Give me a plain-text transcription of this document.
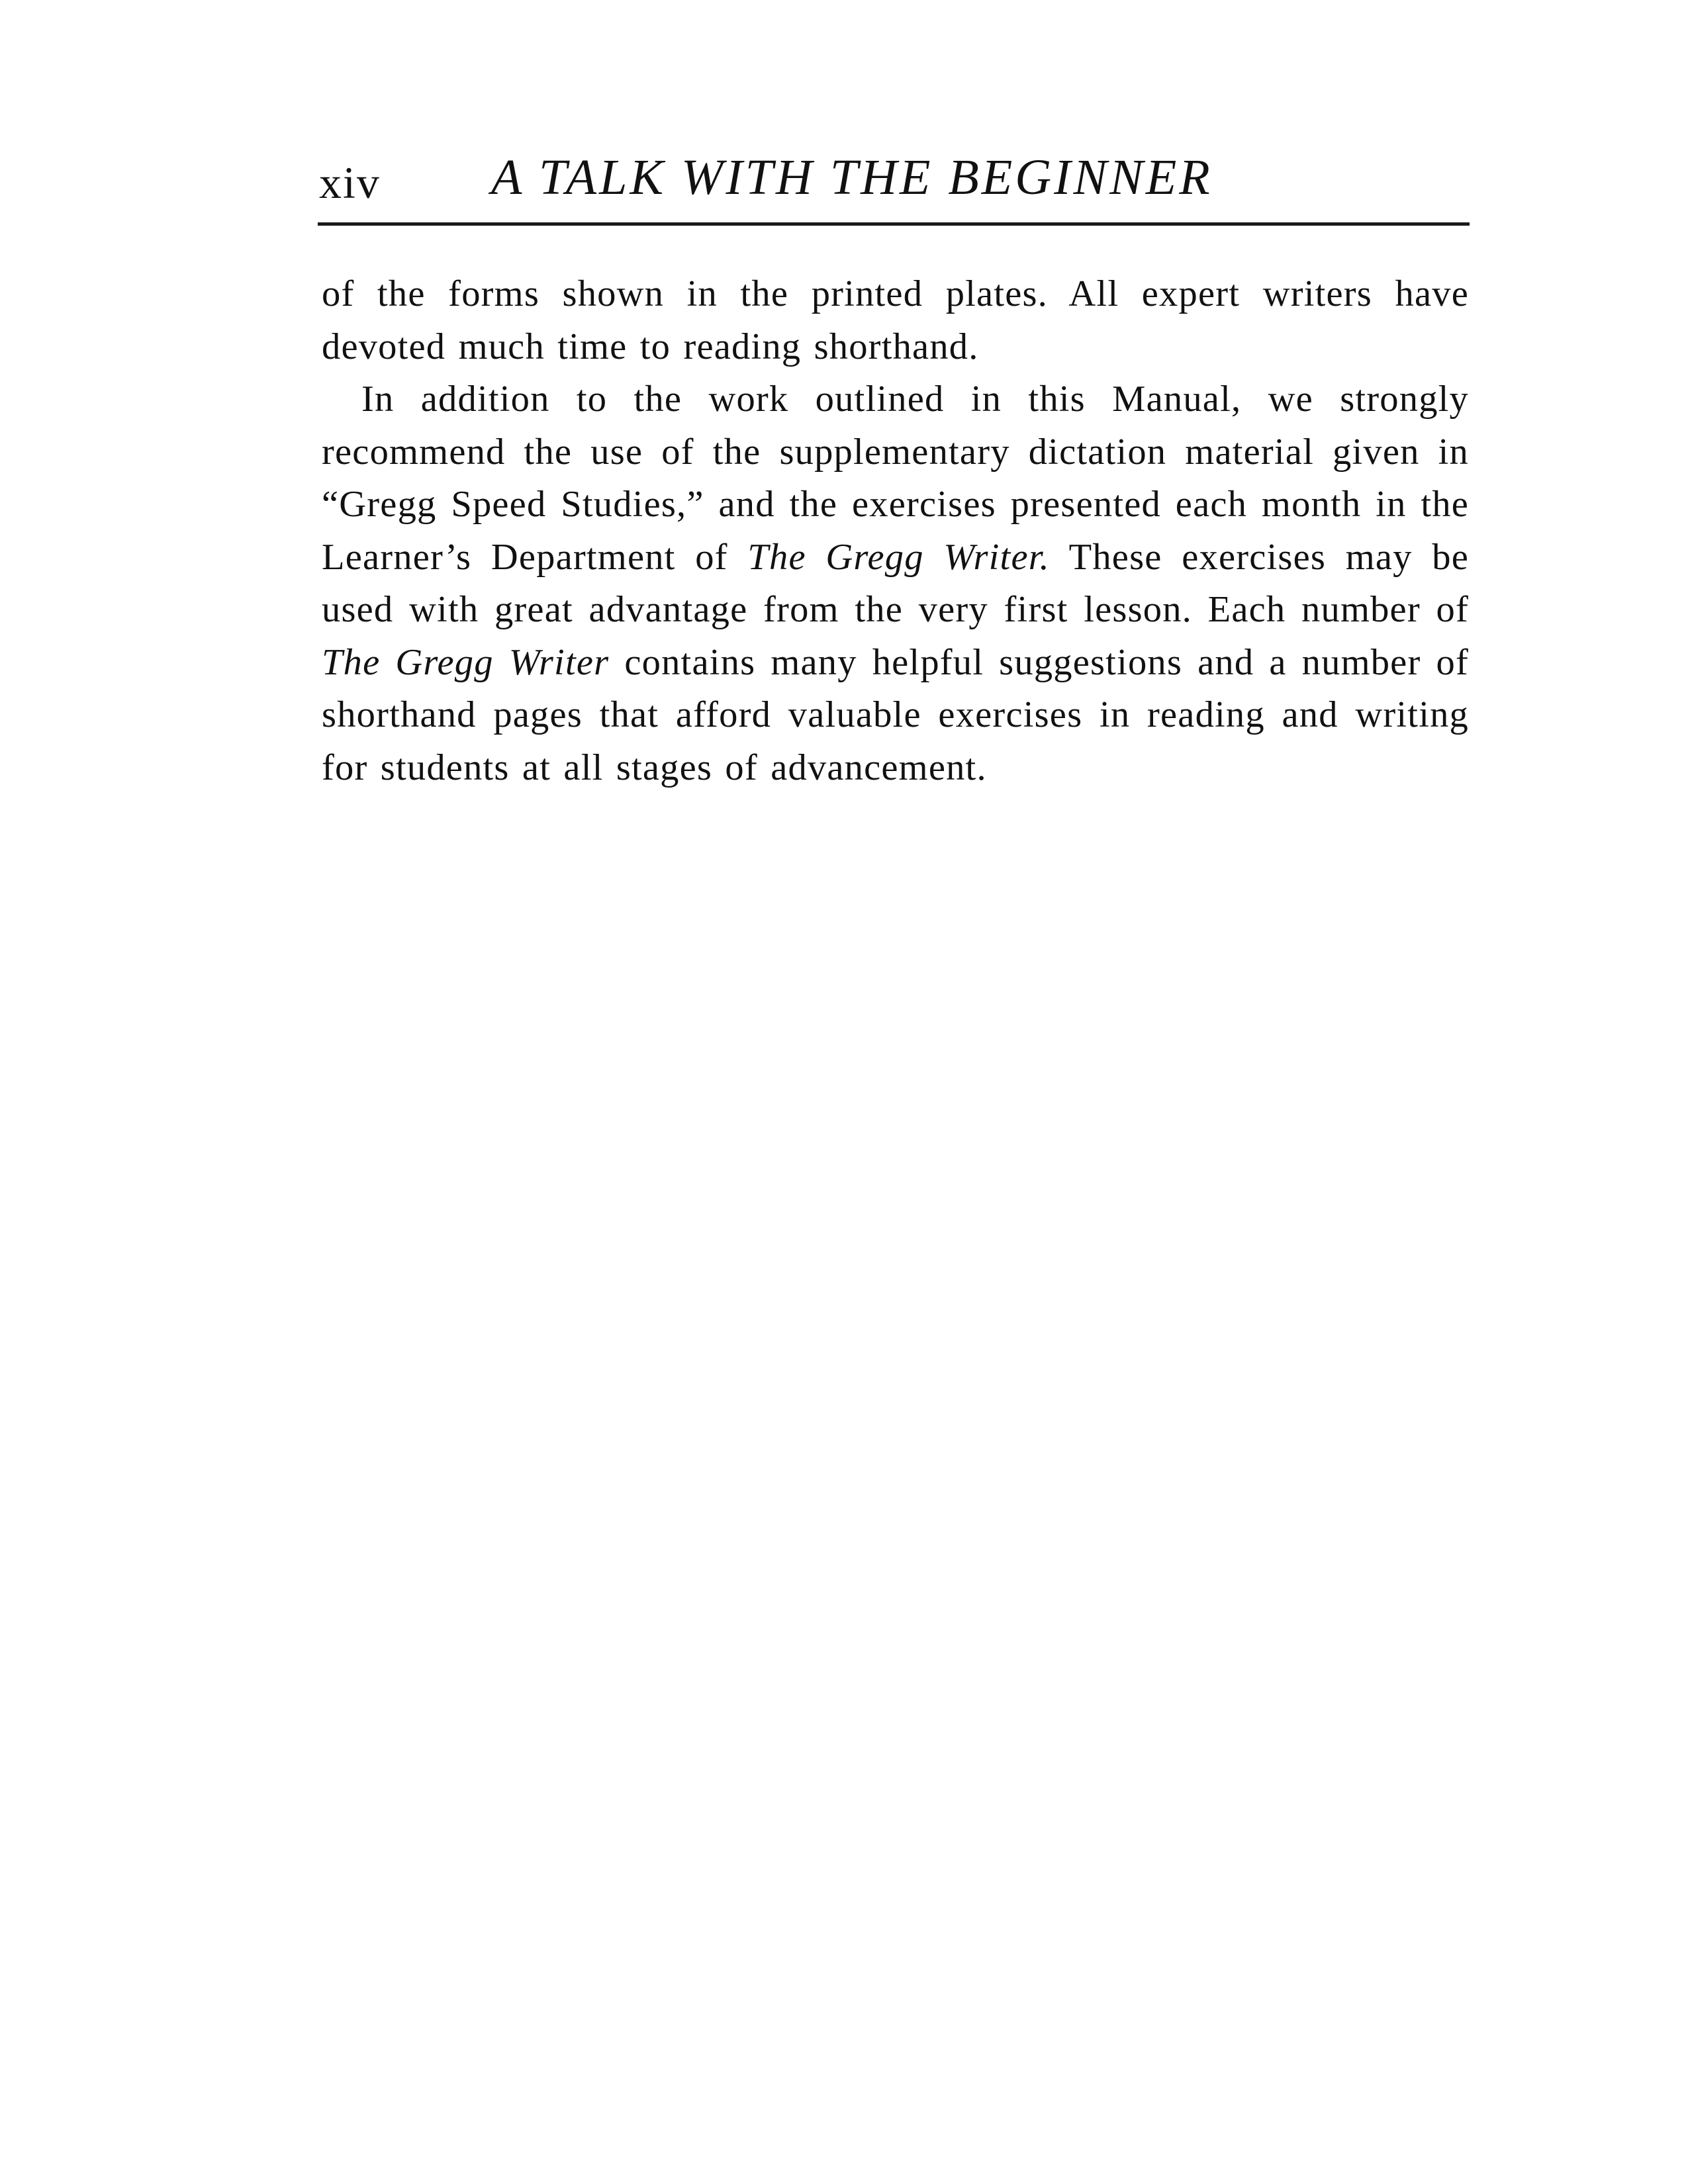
xiv A TALK WITH THE BEGINNER

of the forms shown in the printed plates. All expert writers have devoted much time to reading shorthand.

In addition to the work outlined in this Manual, we strongly recommend the use of the supplementary dictation material given in “Gregg Speed Studies,” and the exercises presented each month in the Learner’s Department of The Gregg Writer. These exercises may be used with great advantage from the very first lesson. Each number of The Gregg Writer contains many helpful suggestions and a number of shorthand pages that afford valuable exercises in reading and writing for students at all stages of advancement.
